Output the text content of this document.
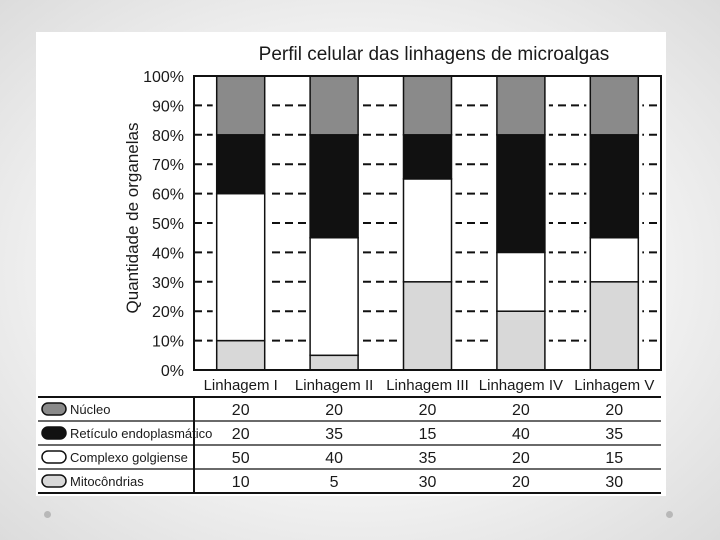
Perfil celular das linhagens de microalgas
Quantidade de organelas
0%
10%
20%
30%
40%
50%
60%
70%
80%
90%
100%
Linhagem I Linhagem II Linhagem III Linhagem IV Linhagem V
Núcleo	20	20	20	20	20
Retículo endoplasmático 20	35	15	40	35
Complexo golgiense	50	40	35	20	15
Mitocôndrias	10	5	30	20	30
